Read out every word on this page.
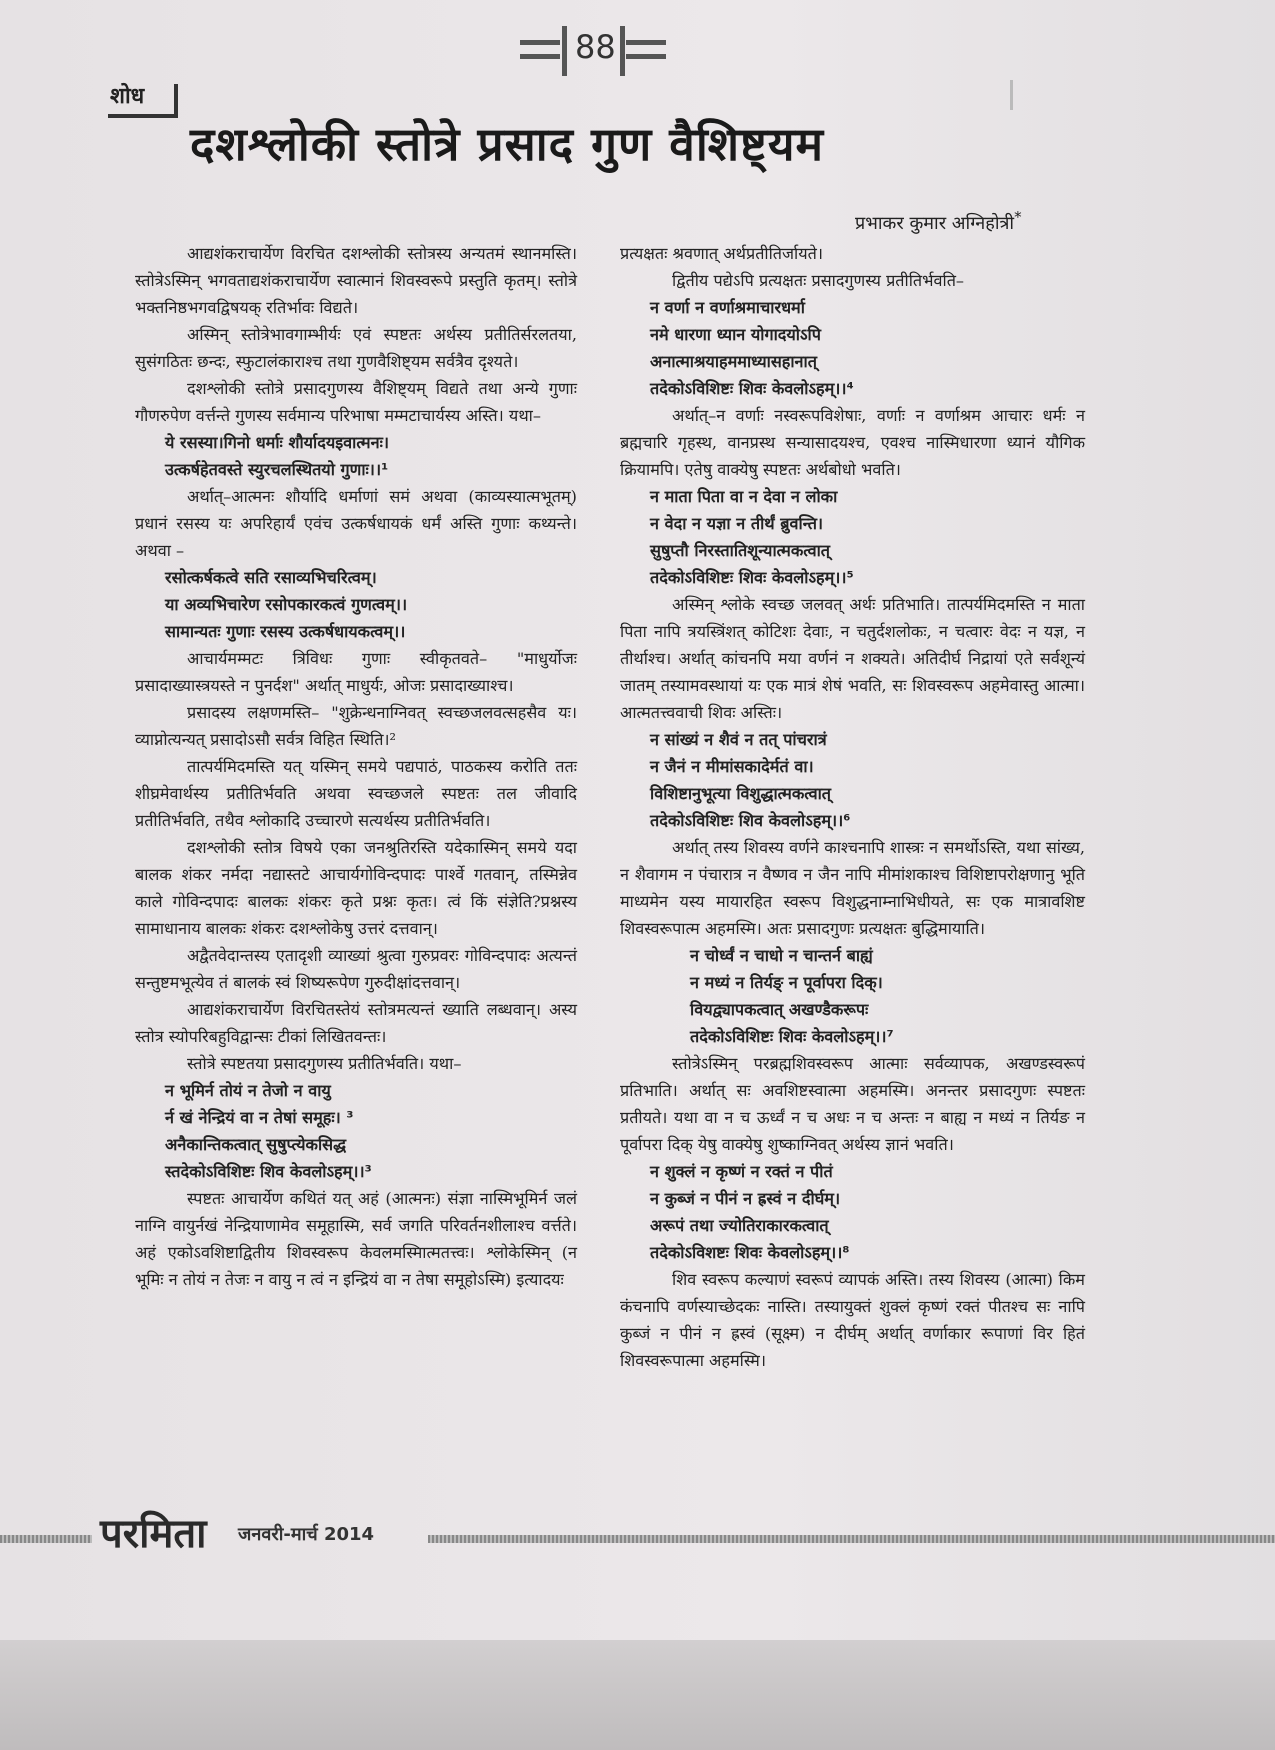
88
शोध
दशश्लोकी स्तोत्रे प्रसाद गुण वैशिष्ट्यम
प्रभाकर कुमार अग्निहोत्री*

आद्यशंकराचार्येण विरचित दशश्लोकी स्तोत्रस्य अन्यतमं स्थानमस्ति। स्तोत्रेऽस्मिन् भगवताद्यशंकराचार्येण स्वात्मानं शिवस्वरूपे प्रस्तुति कृतम्। स्तोत्रे भक्तनिष्ठभगवद्विषयक् रतिर्भावः विद्यते।

अस्मिन् स्तोत्रेभावगाम्भीर्यः एवं स्पष्टतः अर्थस्य प्रतीतिर्सरलतया, सुसंगठितः छन्दः, स्फुटालंकाराश्च तथा गुणवैशिष्ट्यम सर्वत्रैव दृश्यते।

दशश्लोकी स्तोत्रे प्रसादगुणस्य वैशिष्ट्यम् विद्यते तथा अन्ये गुणाः गौणरुपेण वर्त्तन्ते गुणस्य सर्वमान्य परिभाषा मम्मटाचार्यस्य अस्ति। यथा–

ये रसस्या।गिनो धर्माः शौर्यादयइवात्मनः।
उत्कर्षहेतवस्ते स्युरचलस्थितयो गुणाः।।¹

अर्थात्–आत्मनः शौर्यादि धर्माणां समं अथवा (काव्यस्यात्मभूतम्) प्रधानं रसस्य यः अपरिहार्यं एवंच उत्कर्षधायकं धर्मं अस्ति गुणाः कथ्यन्ते। अथवा –

रसोत्कर्षकत्वे सति रसाव्यभिचरित्वम्।
या अव्यभिचारेण रसोपकारकत्वं गुणत्वम्।।
सामान्यतः गुणाः रसस्य उत्कर्षधायकत्वम्।।

आचार्यमम्मटः त्रिविधः गुणाः स्वीकृतवते– "माधुर्योजः प्रसादाख्यास्त्रयस्ते न पुनर्दश" अर्थात् माधुर्यः, ओजः प्रसादाख्याश्च।

प्रसादस्य लक्षणमस्ति– "शुक्रेन्धनाग्निवत् स्वच्छजलवत्सहसैव यः। व्याप्नोत्यन्यत् प्रसादोऽसौ सर्वत्र विहित स्थिति।²

तात्पर्यमिदमस्ति यत् यस्मिन् समये पद्यपाठं, पाठकस्य करोति ततः शीघ्रमेवार्थस्य प्रतीतिर्भवति अथवा स्वच्छजले स्पष्टतः तल जीवादि प्रतीतिर्भवति, तथैव श्लोकादि उच्चारणे सत्यर्थस्य प्रतीतिर्भवति।

दशश्लोकी स्तोत्र विषये एका जनश्रुतिरस्ति यदेकास्मिन् समये यदा बालक शंकर नर्मदा नद्यास्तटे आचार्यगोविन्दपादः पार्श्वे गतवान्, तस्मिन्नेव काले गोविन्दपादः बालकः शंकरः कृते प्रश्नः कृतः। त्वं किं संज्ञेति?प्रश्नस्य सामाधानाय बालकः शंकरः दशश्लोकेषु उत्तरं दत्तवान्।

अद्वैतवेदान्तस्य एतादृशी व्याख्यां श्रुत्वा गुरुप्रवरः गोविन्दपादः अत्यन्तं सन्तुष्टमभूत्येव तं बालकं स्वं शिष्यरूपेण गुरुदीक्षांदत्तवान्।

आद्यशंकराचार्येण विरचितस्तेयं स्तोत्रमत्यन्तं ख्याति लब्धवान्। अस्य स्तोत्र स्योपरिबहुविद्वान्सः टीकां लिखितवन्तः।

स्तोत्रे स्पष्टतया प्रसादगुणस्य प्रतीतिर्भवति। यथा–

न भूमिर्न तोयं न तेजो न वायु
र्न खं नेन्द्रियं वा न तेषां समूहः। ³
अनैकान्तिकत्वात् सुषुप्त्येकसिद्ध
स्तदेकोऽविशिष्टः शिव केवलोऽहम्।।³

स्पष्टतः आचार्येण कथितं यत् अहं (आत्मनः) संज्ञा नास्मिभूमिर्न जलं नाग्नि वायुर्नखं नेन्द्रियाणामेव समूहास्मि, सर्व जगति परिवर्तनशीलाश्च वर्त्तते। अहं एकोऽवशिष्टाद्वितीय शिवस्वरूप केवलमस्मिात्मतत्त्वः। श्लोकेस्मिन् (न भूमिः न तोयं न तेजः न वायु न त्वं न इन्द्रियं वा न तेषा समूहोऽस्मि) इत्यादयः

प्रत्यक्षतः श्रवणात् अर्थप्रतीतिर्जायते।

द्वितीय पद्येऽपि प्रत्यक्षतः प्रसादगुणस्य प्रतीतिर्भवति–

न वर्णा न वर्णाश्रमाचारधर्मा
नमे धारणा ध्यान योगादयोऽपि
अनात्माश्रयाहममाध्यासहानात्
तदेकोऽविशिष्टः शिवः केवलोऽहम्।।⁴

अर्थात्–न वर्णाः नस्वरूपविशेषाः, वर्णाः न वर्णाश्रम आचारः धर्मः न ब्रह्मचारि गृहस्थ, वानप्रस्थ सन्यासादयश्च, एवश्च नास्मिधारणा ध्यानं यौगिक क्रियामपि। एतेषु वाक्येषु स्पष्टतः अर्थबोधो भवति।

न माता पिता वा न देवा न लोका
न वेदा न यज्ञा न तीर्थं ब्रुवन्ति।
सुषुप्तौ निरस्तातिशून्यात्मकत्वात्
तदेकोऽविशिष्टः शिवः केवलोऽहम्।।⁵

अस्मिन् श्लोके स्वच्छ जलवत् अर्थः प्रतिभाति। तात्पर्यमिदमस्ति न माता पिता नापि त्रयस्त्रिंशत् कोटिशः देवाः, न चतुर्दशलोकः, न चत्वारः वेदः न यज्ञ, न तीर्थाश्च। अर्थात् कांचनपि मया वर्णनं न शक्यते। अतिदीर्घ निद्रायां एते सर्वशून्यं जातम् तस्यामवस्थायां यः एक मात्रं शेषं भवति, सः शिवस्वरूप अहमेवास्तु आत्मा। आत्मतत्त्ववाची शिवः अस्तिः।

न सांख्यं न शैवं न तत् पांचरात्रं
न जैनं न मीमांसकादेर्मतं वा।
विशिष्टानुभूत्या विशुद्धात्मकत्वात्
तदेकोऽविशिष्टः शिव केवलोऽहम्।।⁶

अर्थात् तस्य शिवस्य वर्णने काश्चनापि शास्त्रः न समर्थोऽस्ति, यथा सांख्य, न शैवागम न पंचारात्र न वैष्णव न जैन नापि मीमांशकाश्च विशिष्टापरोक्षणानु भूति माध्यमेन यस्य मायारहित स्वरूप विशुद्धनाम्नाभिधीयते, सः एक मात्रावशिष्ट शिवस्वरूपात्म अहमस्मि। अतः प्रसादगुणः प्रत्यक्षतः बुद्धिमायाति।

न चोर्ध्वं न चाधो न चान्तर्न बाह्यं
न मध्यं न तिर्यङ् न पूर्वापरा दिक्।
वियद्व्यापकत्वात् अखण्डैकरूपः
तदेकोऽविशिष्टः शिवः केवलोऽहम्।।⁷

स्तोत्रेऽस्मिन् परब्रह्मशिवस्वरूप आत्माः सर्वव्यापक, अखण्डस्वरूपं प्रतिभाति। अर्थात् सः अवशिष्टस्वात्मा अहमस्मि। अनन्तर प्रसादगुणः स्पष्टतः प्रतीयते। यथा वा न च ऊर्ध्वं न च अधः न च अन्तः न बाह्य न मध्यं न तिर्यङ न पूर्वापरा दिक् येषु वाक्येषु शुष्काग्निवत् अर्थस्य ज्ञानं भवति।

न शुक्लं न कृष्णं न रक्तं न पीतं
न कुब्जं न पीनं न ह्रस्वं न दीर्घम्।
अरूपं तथा ज्योतिराकारकत्वात्
तदेकोऽविशष्टः शिवः केवलोऽहम्।।⁸

शिव स्वरूप कल्याणं स्वरूपं व्यापकं अस्ति। तस्य शिवस्य (आत्मा) किम कंचनापि वर्णस्याच्छेदकः नास्ति। तस्यायुक्तं शुक्लं कृष्णं रक्तं पीतश्च सः नापि कुब्जं न पीनं न ह्रस्वं (सूक्ष्म) न दीर्घम् अर्थात् वर्णाकार रूपाणां विर हितं शिवस्वरूपात्मा अहमस्मि।

परमिता जनवरी-मार्च 2014
